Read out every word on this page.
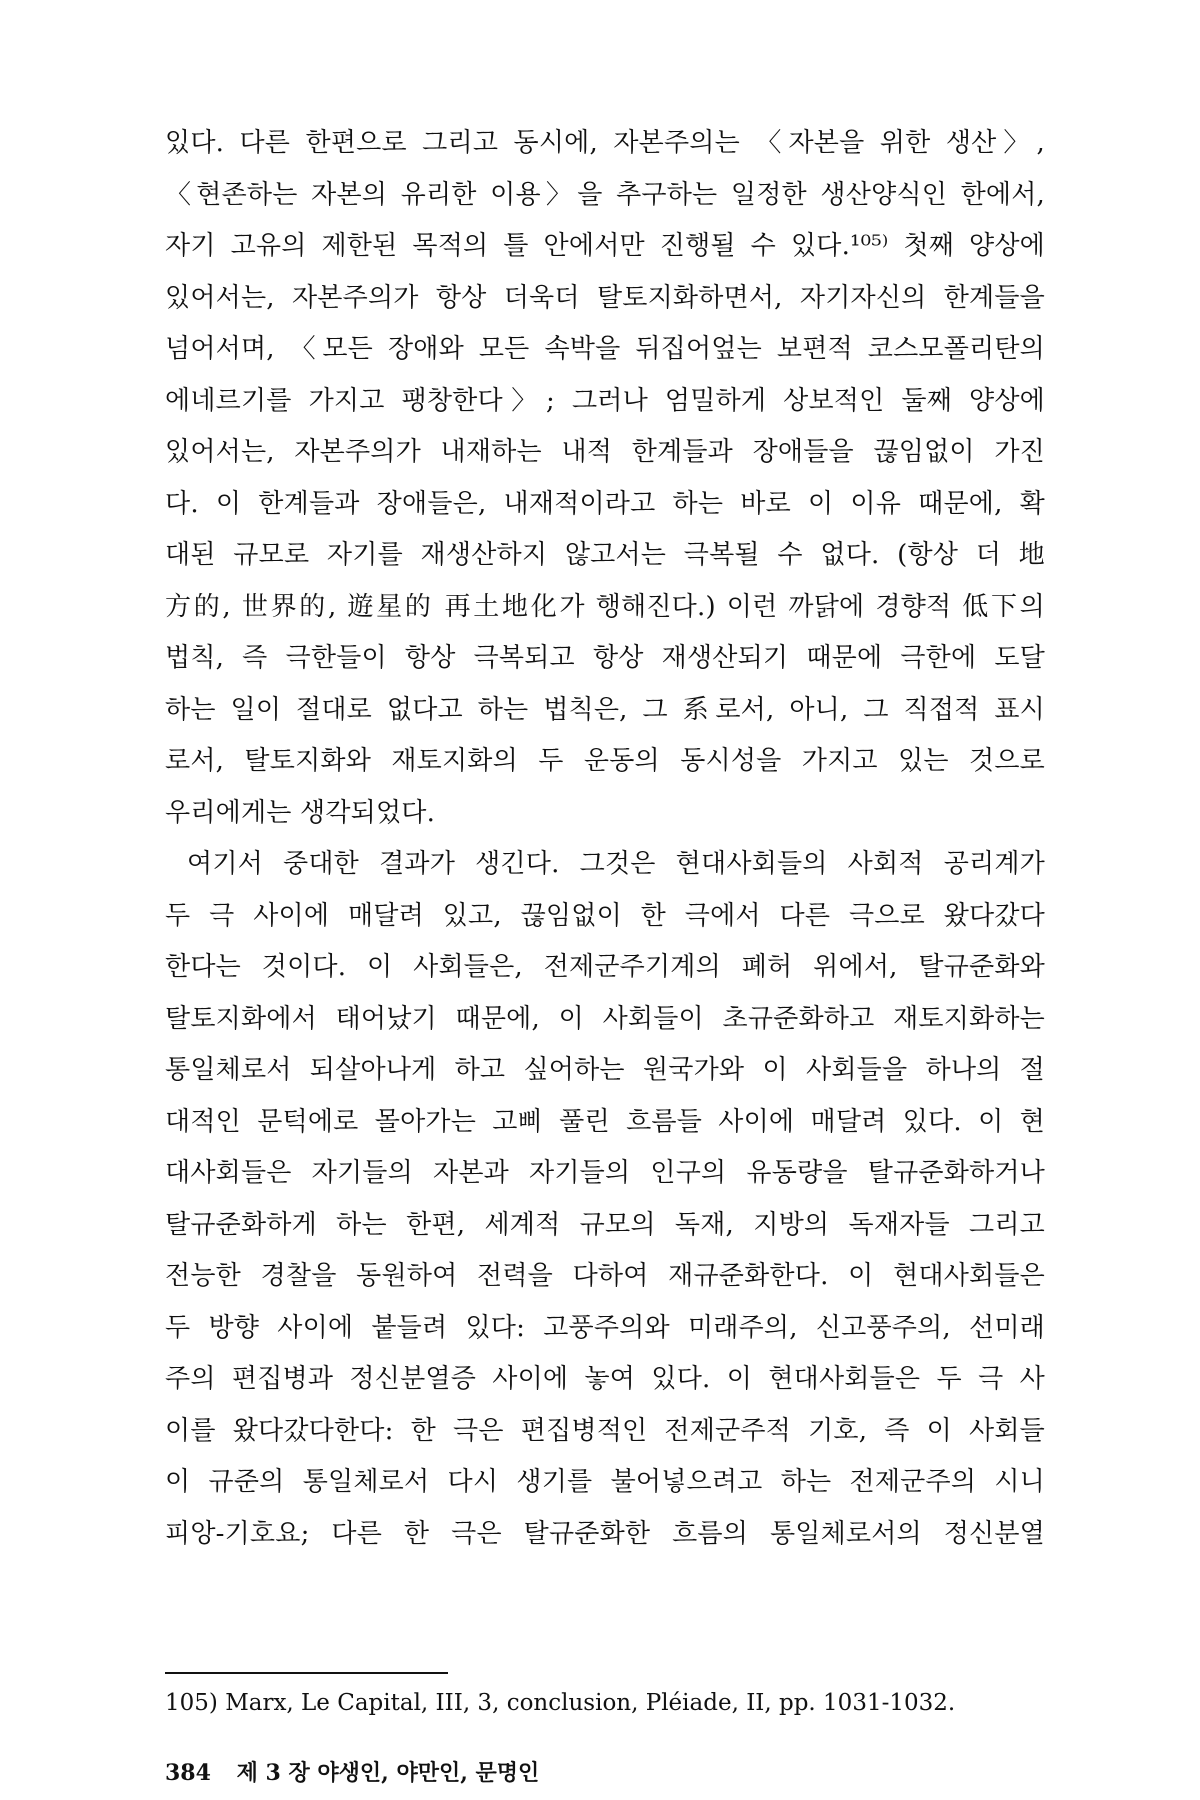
있다. 다른 한편으로 그리고 동시에, 자본주의는 〈자본을 위한 생산〉,
〈현존하는 자본의 유리한 이용〉을 추구하는 일정한 생산양식인 한에서,
자기 고유의 제한된 목적의 틀 안에서만 진행될 수 있다.¹⁰⁵⁾ 첫째 양상에
있어서는, 자본주의가 항상 더욱더 탈토지화하면서, 자기자신의 한계들을
넘어서며, 〈모든 장애와 모든 속박을 뒤집어엎는 보편적 코스모폴리탄의
에네르기를 가지고 팽창한다〉; 그러나 엄밀하게 상보적인 둘째 양상에
있어서는, 자본주의가 내재하는 내적 한계들과 장애들을 끊임없이 가진
다. 이 한계들과 장애들은, 내재적이라고 하는 바로 이 이유 때문에, 확
대된 규모로 자기를 재생산하지 않고서는 극복될 수 없다. (항상 더 地
方的, 世界的, 遊星的 再土地化가 행해진다.) 이런 까닭에 경향적 低下의
법칙, 즉 극한들이 항상 극복되고 항상 재생산되기 때문에 극한에 도달
하는 일이 절대로 없다고 하는 법칙은, 그 系로서, 아니, 그 직접적 표시
로서, 탈토지화와 재토지화의 두 운동의 동시성을 가지고 있는 것으로
우리에게는 생각되었다.
여기서 중대한 결과가 생긴다. 그것은 현대사회들의 사회적 공리계가
두 극 사이에 매달려 있고, 끊임없이 한 극에서 다른 극으로 왔다갔다
한다는 것이다. 이 사회들은, 전제군주기계의 폐허 위에서, 탈규준화와
탈토지화에서 태어났기 때문에, 이 사회들이 초규준화하고 재토지화하는
통일체로서 되살아나게 하고 싶어하는 원국가와 이 사회들을 하나의 절
대적인 문턱에로 몰아가는 고삐 풀린 흐름들 사이에 매달려 있다. 이 현
대사회들은 자기들의 자본과 자기들의 인구의 유동량을 탈규준화하거나
탈규준화하게 하는 한편, 세계적 규모의 독재, 지방의 독재자들 그리고
전능한 경찰을 동원하여 전력을 다하여 재규준화한다. 이 현대사회들은
두 방향 사이에 붙들려 있다: 고풍주의와 미래주의, 신고풍주의, 선미래
주의 편집병과 정신분열증 사이에 놓여 있다. 이 현대사회들은 두 극 사
이를 왔다갔다한다: 한 극은 편집병적인 전제군주적 기호, 즉 이 사회들
이 규준의 통일체로서 다시 생기를 불어넣으려고 하는 전제군주의 시니
피앙-기호요; 다른 한 극은 탈규준화한 흐름의 통일체로서의 정신분열
105) Marx, Le Capital, III, 3, conclusion, Pléiade, II, pp. 1031-1032.
384 제 3 장 야생인, 야만인, 문명인
